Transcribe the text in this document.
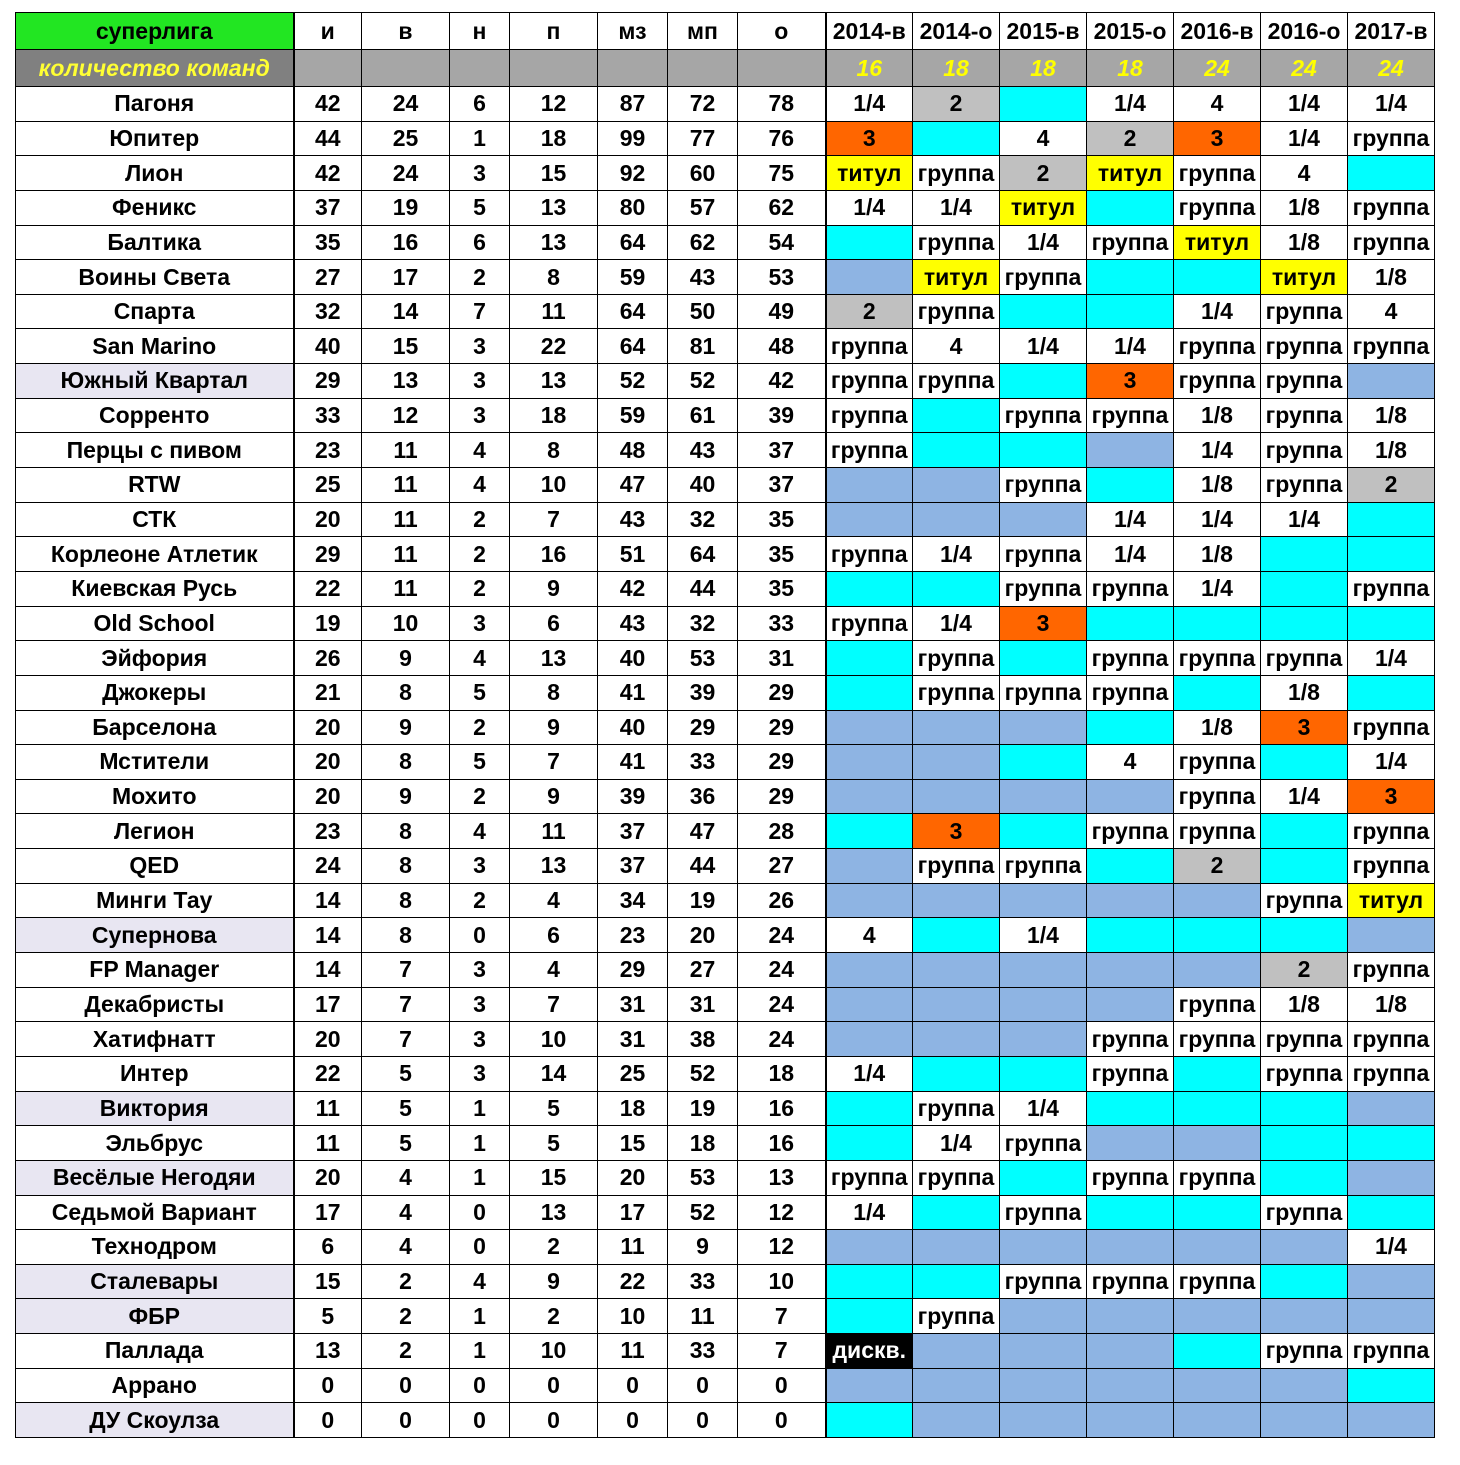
суперлига	и	в	н	п	мз	мп	о	2014-в	2014-о	2015-в	2015-о	2016-в	2016-о	2017-в
количество команд								16	18	18	18	24	24	24
Пагоня	42	24	6	12	87	72	78	1/4	2		1/4	4	1/4	1/4
Юпитер	44	25	1	18	99	77	76	3		4	2	3	1/4	группа
Лион	42	24	3	15	92	60	75	титул	группа	2	титул	группа	4	
Феникс	37	19	5	13	80	57	62	1/4	1/4	титул		группа	1/8	группа
Балтика	35	16	6	13	64	62	54		группа	1/4	группа	титул	1/8	группа
Воины Света	27	17	2	8	59	43	53		титул	группа			титул	1/8
Спарта	32	14	7	11	64	50	49	2	группа			1/4	группа	4
San Marino	40	15	3	22	64	81	48	группа	4	1/4	1/4	группа	группа	группа
Южный Квартал	29	13	3	13	52	52	42	группа	группа		3	группа	группа	
Сорренто	33	12	3	18	59	61	39	группа		группа	группа	1/8	группа	1/8
Перцы с пивом	23	11	4	8	48	43	37	группа				1/4	группа	1/8
RTW	25	11	4	10	47	40	37			группа		1/8	группа	2
СТК	20	11	2	7	43	32	35				1/4	1/4	1/4	
Корлеоне Атлетик	29	11	2	16	51	64	35	группа	1/4	группа	1/4	1/8		
Киевская Русь	22	11	2	9	42	44	35			группа	группа	1/4		группа
Old School	19	10	3	6	43	32	33	группа	1/4	3				
Эйфория	26	9	4	13	40	53	31		группа		группа	группа	группа	1/4
Джокеры	21	8	5	8	41	39	29		группа	группа	группа		1/8	
Барселона	20	9	2	9	40	29	29					1/8	3	группа
Мстители	20	8	5	7	41	33	29				4	группа		1/4
Мохито	20	9	2	9	39	36	29					группа	1/4	3
Легион	23	8	4	11	37	47	28		3		группа	группа		группа
QED	24	8	3	13	37	44	27		группа	группа		2		группа
Минги Тау	14	8	2	4	34	19	26						группа	титул
Супернова	14	8	0	6	23	20	24	4		1/4				
FP Manager	14	7	3	4	29	27	24						2	группа
Декабристы	17	7	3	7	31	31	24					группа	1/8	1/8
Хатифнатт	20	7	3	10	31	38	24				группа	группа	группа	группа
Интер	22	5	3	14	25	52	18	1/4			группа		группа	группа
Виктория	11	5	1	5	18	19	16		группа	1/4				
Эльбрус	11	5	1	5	15	18	16		1/4	группа				
Весёлые Негодяи	20	4	1	15	20	53	13	группа	группа		группа	группа		
Седьмой Вариант	17	4	0	13	17	52	12	1/4		группа			группа	
Технодром	6	4	0	2	11	9	12							1/4
Сталевары	15	2	4	9	22	33	10			группа	группа	группа		
ФБР	5	2	1	2	10	11	7		группа					
Паллада	13	2	1	10	11	33	7	дискв.					группа	группа
Аррано	0	0	0	0	0	0	0							
ДУ Скоулза	0	0	0	0	0	0	0							
